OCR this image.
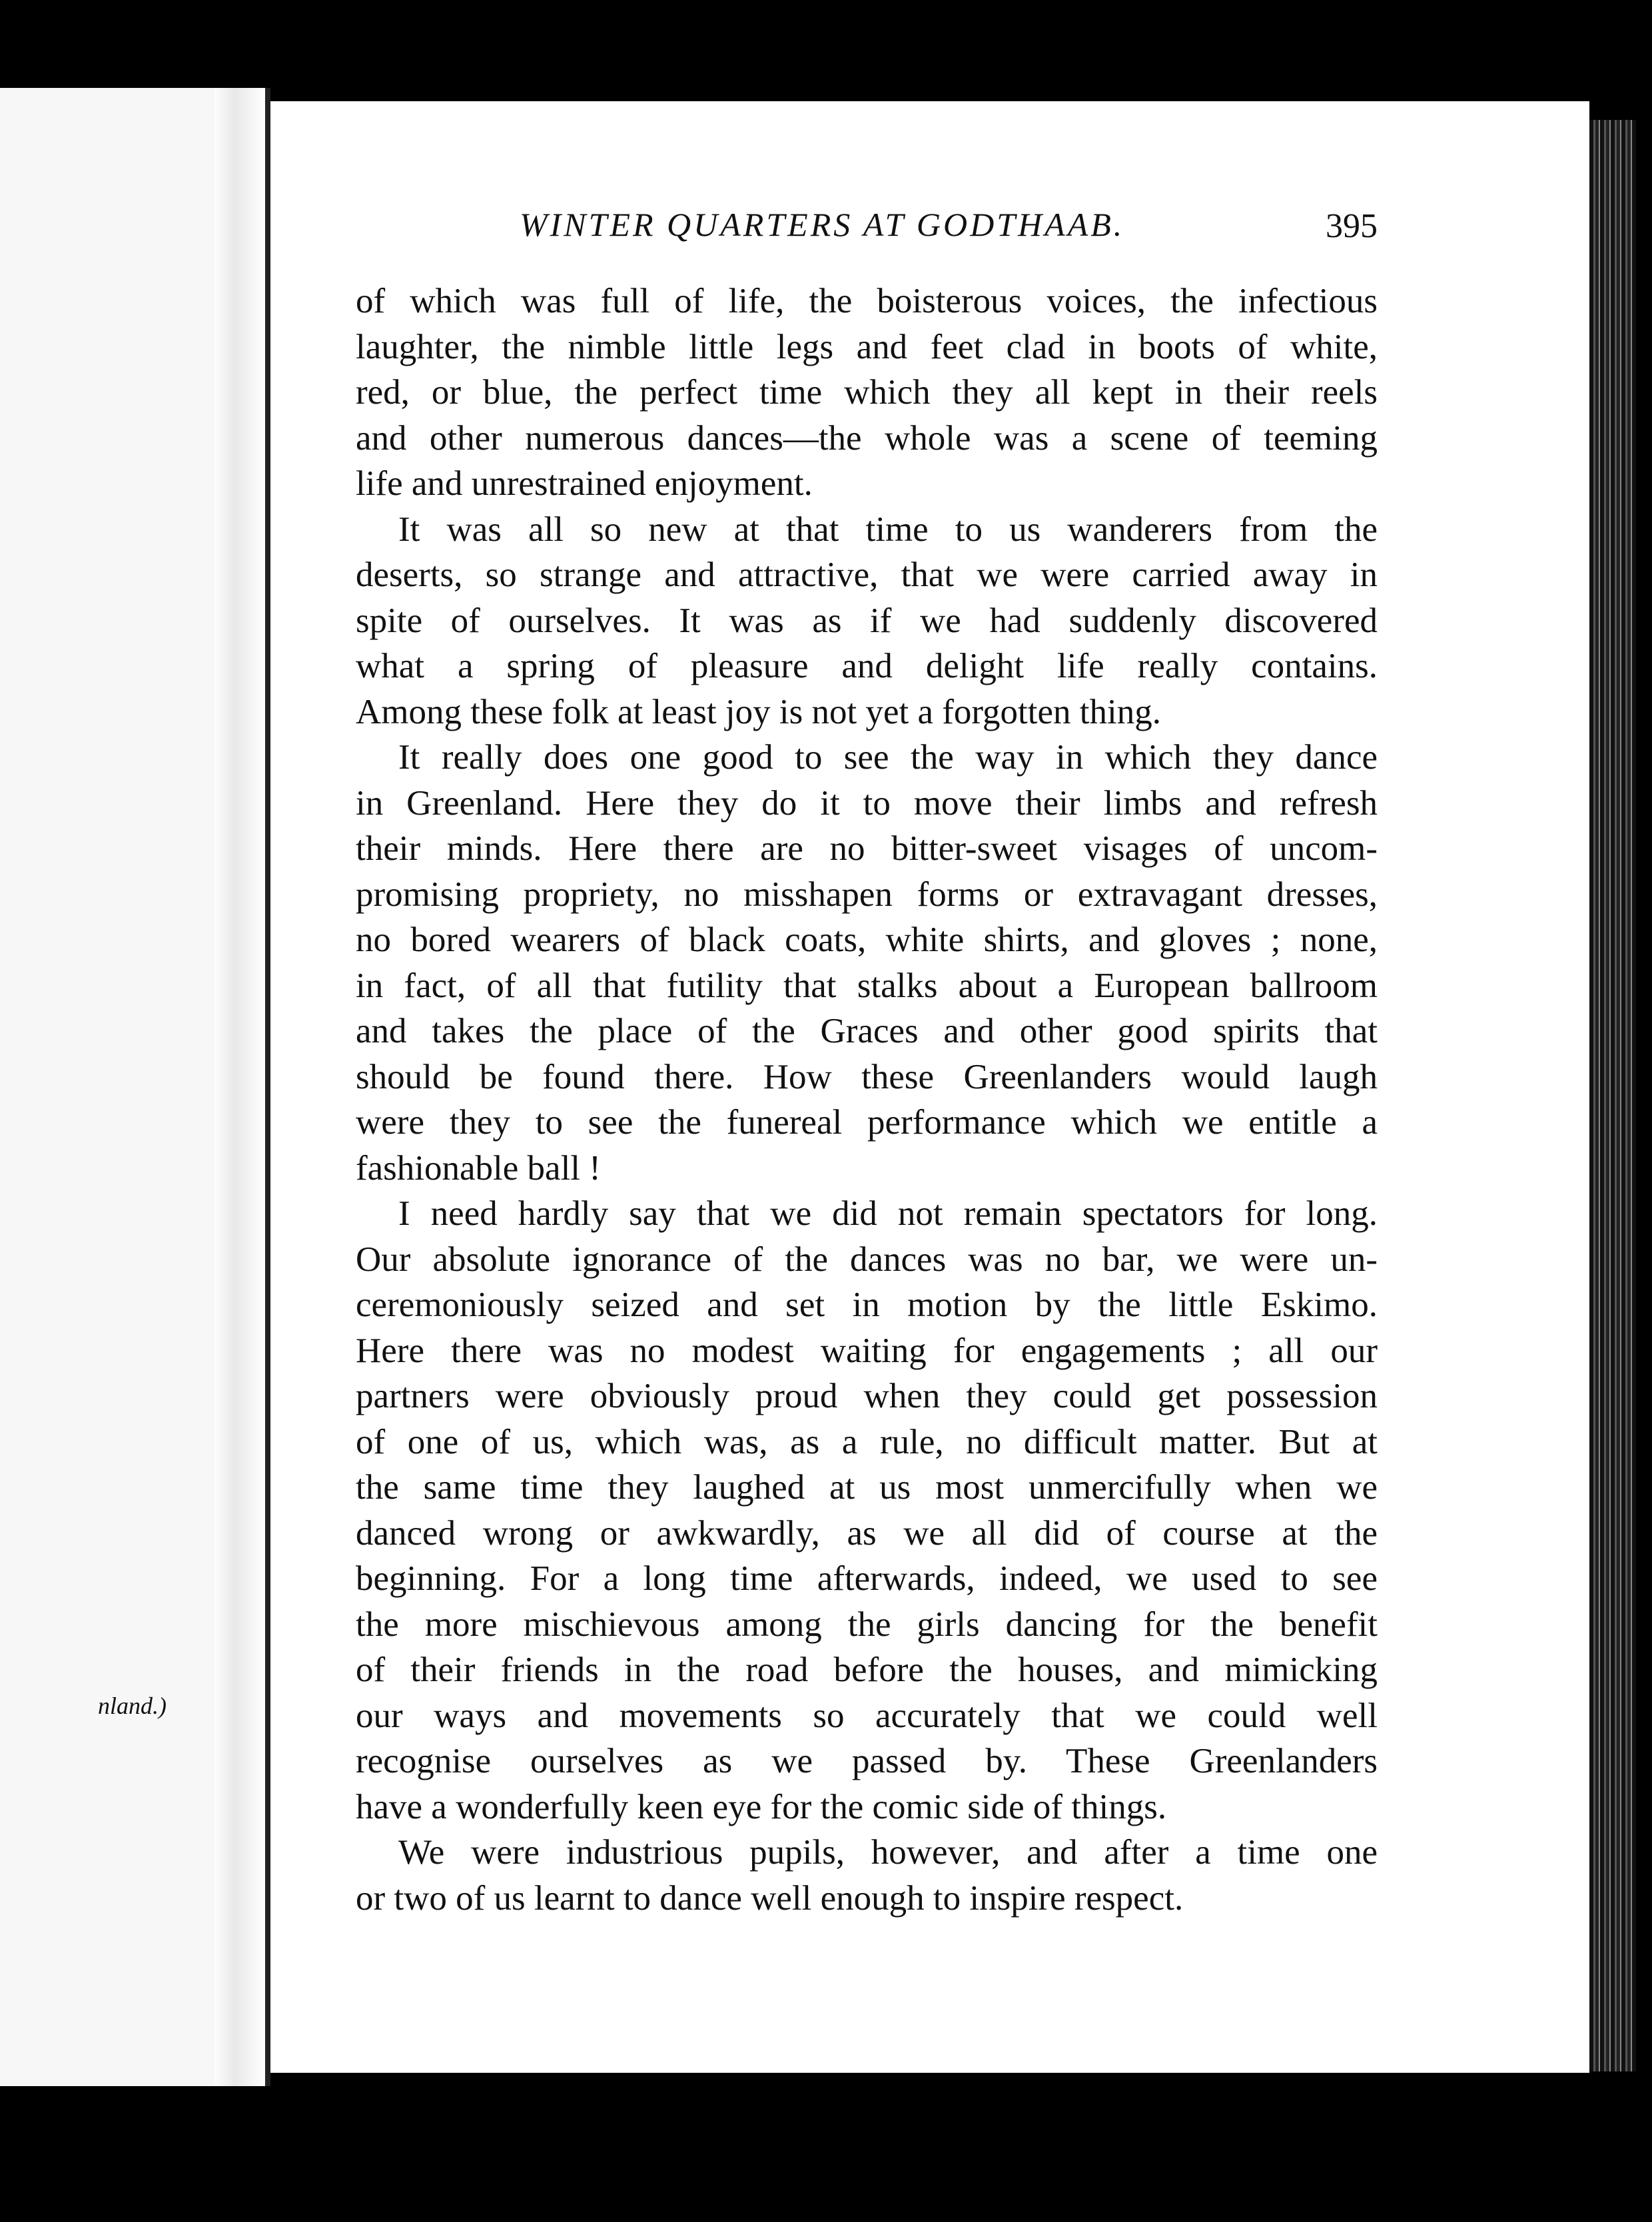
nland.)
WINTER QUARTERS AT GODTHAAB.	395
of which was full of life, the boisterous voices, the infectious
laughter, the nimble little legs and feet clad in boots of white,
red, or blue, the perfect time which they all kept in their reels
and other numerous dances—the whole was a scene of teeming
life and unrestrained enjoyment.
It was all so new at that time to us wanderers from the
deserts, so strange and attractive, that we were carried away in
spite of ourselves. It was as if we had suddenly discovered
what a spring of pleasure and delight life really contains.
Among these folk at least joy is not yet a forgotten thing.
It really does one good to see the way in which they dance
in Greenland. Here they do it to move their limbs and refresh
their minds. Here there are no bitter-sweet visages of uncom-
promising propriety, no misshapen forms or extravagant dresses,
no bored wearers of black coats, white shirts, and gloves ; none,
in fact, of all that futility that stalks about a European ballroom
and takes the place of the Graces and other good spirits that
should be found there. How these Greenlanders would laugh
were they to see the funereal performance which we entitle a
fashionable ball !
I need hardly say that we did not remain spectators for long.
Our absolute ignorance of the dances was no bar, we were un-
ceremoniously seized and set in motion by the little Eskimo.
Here there was no modest waiting for engagements ; all our
partners were obviously proud when they could get possession
of one of us, which was, as a rule, no difficult matter. But at
the same time they laughed at us most unmercifully when we
danced wrong or awkwardly, as we all did of course at the
beginning. For a long time afterwards, indeed, we used to see
the more mischievous among the girls dancing for the benefit
of their friends in the road before the houses, and mimicking
our ways and movements so accurately that we could well
recognise ourselves as we passed by. These Greenlanders
have a wonderfully keen eye for the comic side of things.
We were industrious pupils, however, and after a time one
or two of us learnt to dance well enough to inspire respect.
